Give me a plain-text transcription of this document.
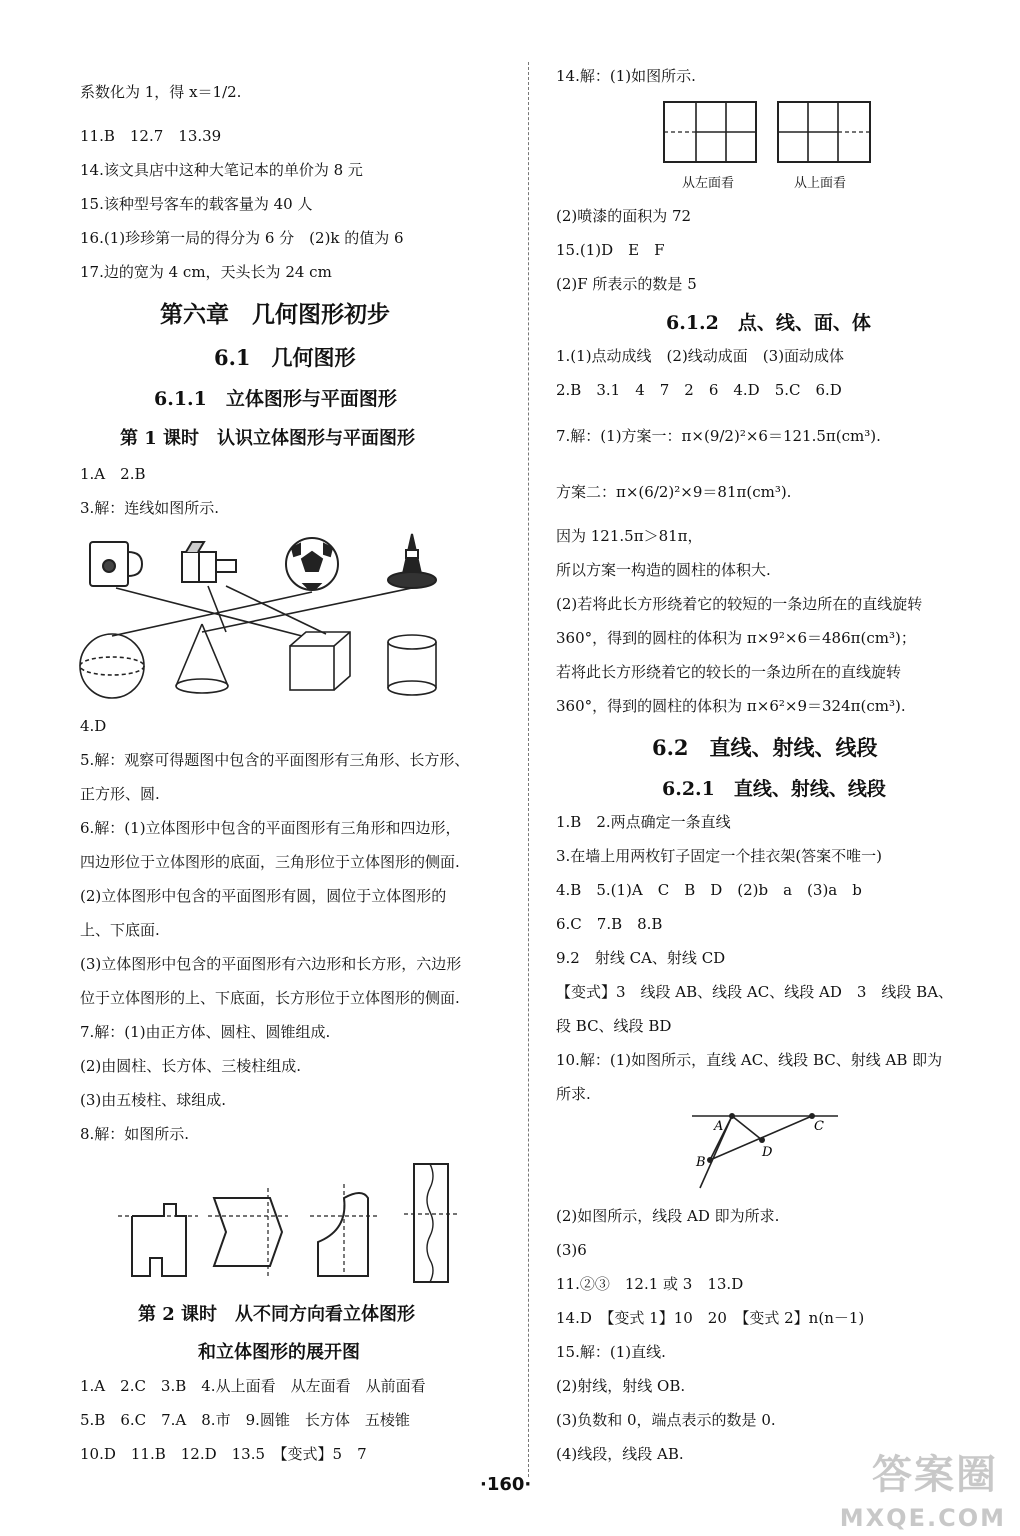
系数化为 1，得 x＝1/2.
11.B　12.7　13.39
14.该文具店中这种大笔记本的单价为 8 元
15.该种型号客车的载客量为 40 人
16.(1)珍珍第一局的得分为 6 分　(2)k 的值为 6
17.边的宽为 4 cm，天头长为 24 cm
第六章　几何图形初步
6.1　几何图形
6.1.1　立体图形与平面图形
第 1 课时　认识立体图形与平面图形
1.A　2.B
3.解：连线如图所示.
4.D
5.解：观察可得题图中包含的平面图形有三角形、长方形、
正方形、圆.
6.解：(1)立体图形中包含的平面图形有三角形和四边形，
四边形位于立体图形的底面，三角形位于立体图形的侧面.
(2)立体图形中包含的平面图形有圆，圆位于立体图形的
上、下底面.
(3)立体图形中包含的平面图形有六边形和长方形，六边形
位于立体图形的上、下底面，长方形位于立体图形的侧面.
7.解：(1)由正方体、圆柱、圆锥组成.
(2)由圆柱、长方体、三棱柱组成.
(3)由五棱柱、球组成.
8.解：如图所示.
第 2 课时　从不同方向看立体图形
和立体图形的展开图
1.A　2.C　3.B　4.从上面看　从左面看　从前面看
5.B　6.C　7.A　8.市　9.圆锥　长方体　五棱锥
10.D　11.B　12.D　13.5　【变式】5　7
14.解：(1)如图所示.
从左面看	从上面看
(2)喷漆的面积为 72
15.(1)D　E　F
(2)F 所表示的数是 5
6.1.2　点、线、面、体
1.(1)点动成线　(2)线动成面　(3)面动成体
2.B　3.1　4　7　2　6　4.D　5.C　6.D
7.解：(1)方案一：π×(9/2)²×6＝121.5π(cm³).
方案二：π×(6/2)²×9＝81π(cm³).
因为 121.5π＞81π，
所以方案一构造的圆柱的体积大.
(2)若将此长方形绕着它的较短的一条边所在的直线旋转
360°，得到的圆柱的体积为 π×9²×6＝486π(cm³)；
若将此长方形绕着它的较长的一条边所在的直线旋转
360°，得到的圆柱的体积为 π×6²×9＝324π(cm³).
6.2　直线、射线、线段
6.2.1　直线、射线、线段
1.B　2.两点确定一条直线
3.在墙上用两枚钉子固定一个挂衣架(答案不唯一)
4.B　5.(1)A　C　B　D　(2)b　a　(3)a　b
6.C　7.B　8.B
9.2　射线 CA、射线 CD
【变式】3　线段 AB、线段 AC、线段 AD　3　线段 BA、
段 BC、线段 BD
10.解：(1)如图所示，直线 AC、线段 BC、射线 AB 即为
所求.
A	C
D
B
(2)如图所示，线段 AD 即为所求.
(3)6
11.②③　12.1 或 3　13.D
14.D　【变式 1】10　20　【变式 2】n(n－1)
15.解：(1)直线.
(2)射线，射线 OB.
(3)负数和 0，端点表示的数是 0.
(4)线段，线段 AB.
·160·	答案圈
MXQE.COM
